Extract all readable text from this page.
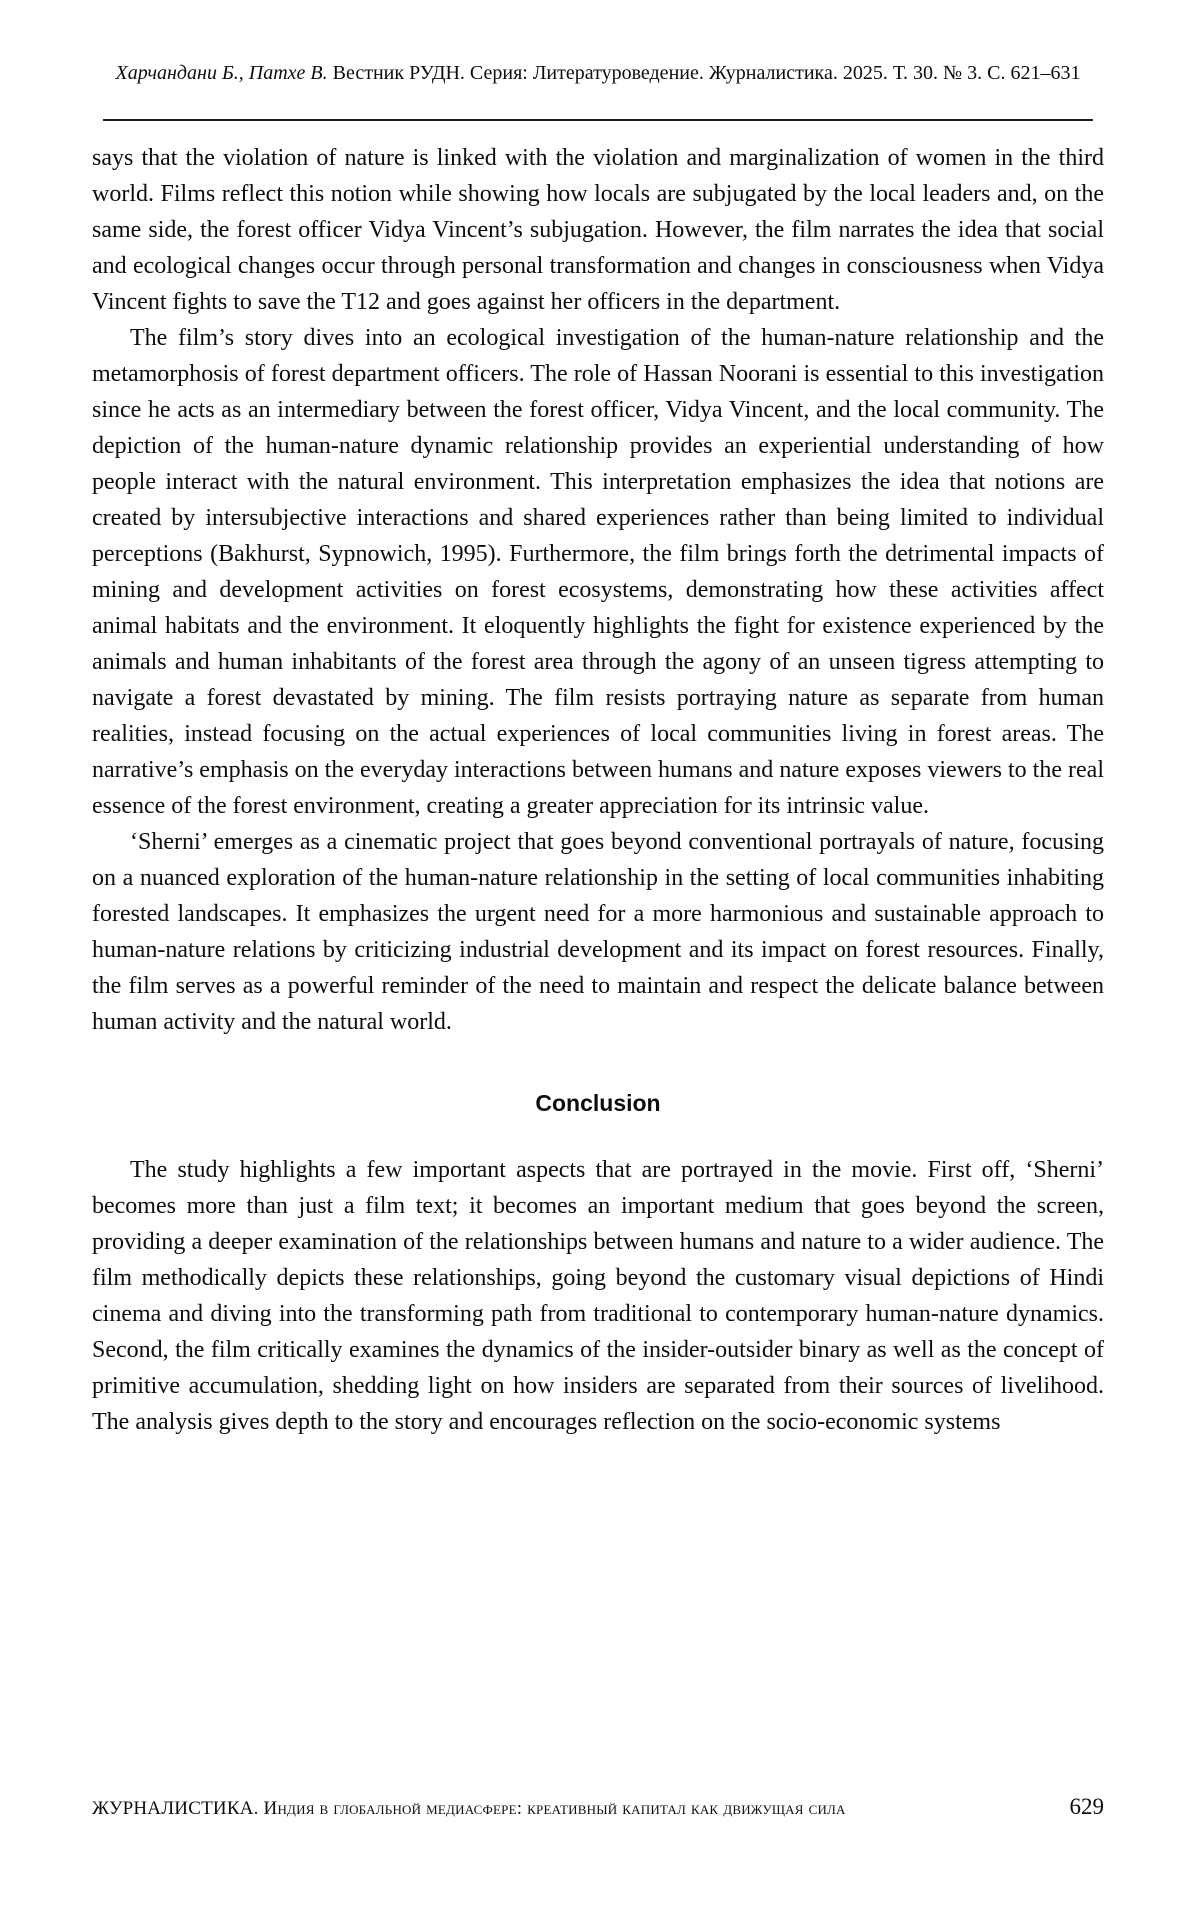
Харчандани Б., Патхе В. Вестник РУДН. Серия: Литературоведение. Журналистика. 2025. Т. 30. № 3. С. 621–631

says that the violation of nature is linked with the violation and marginalization of women in the third world. Films reflect this notion while showing how locals are subjugated by the local leaders and, on the same side, the forest officer Vidya Vincent’s subjugation. However, the film narrates the idea that social and ecological changes occur through personal transformation and changes in consciousness when Vidya Vincent fights to save the T12 and goes against her officers in the department.

The film’s story dives into an ecological investigation of the human-nature relationship and the metamorphosis of forest department officers. The role of Hassan Noorani is essential to this investigation since he acts as an intermediary between the forest officer, Vidya Vincent, and the local community. The depiction of the human-nature dynamic relationship provides an experiential understanding of how people interact with the natural environment. This interpretation emphasizes the idea that notions are created by intersubjective interactions and shared experiences rather than being limited to individual perceptions (Bakhurst, Sypnowich, 1995). Furthermore, the film brings forth the detrimental impacts of mining and development activities on forest ecosystems, demonstrating how these activities affect animal habitats and the environment. It eloquently highlights the fight for existence experienced by the animals and human inhabitants of the forest area through the agony of an unseen tigress attempting to navigate a forest devastated by mining. The film resists portraying nature as separate from human realities, instead focusing on the actual experiences of local communities living in forest areas. The narrative’s emphasis on the everyday interactions between humans and nature exposes viewers to the real essence of the forest environment, creating a greater appreciation for its intrinsic value.

‘Sherni’ emerges as a cinematic project that goes beyond conventional portrayals of nature, focusing on a nuanced exploration of the human-nature relationship in the setting of local communities inhabiting forested landscapes. It emphasizes the urgent need for a more harmonious and sustainable approach to human-nature relations by criticizing industrial development and its impact on forest resources. Finally, the film serves as a powerful reminder of the need to maintain and respect the delicate balance between human activity and the natural world.

Conclusion

The study highlights a few important aspects that are portrayed in the movie. First off, ‘Sherni’ becomes more than just a film text; it becomes an important medium that goes beyond the screen, providing a deeper examination of the relationships between humans and nature to a wider audience. The film methodically depicts these relationships, going beyond the customary visual depictions of Hindi cinema and diving into the transforming path from traditional to contemporary human-nature dynamics. Second, the film critically examines the dynamics of the insider-outsider binary as well as the concept of primitive accumulation, shedding light on how insiders are separated from their sources of livelihood. The analysis gives depth to the story and encourages reflection on the socio-economic systems

ЖУРНАЛИСТИКА. Индия в глобальной медиасфере: креативный капитал как движущая сила	629
